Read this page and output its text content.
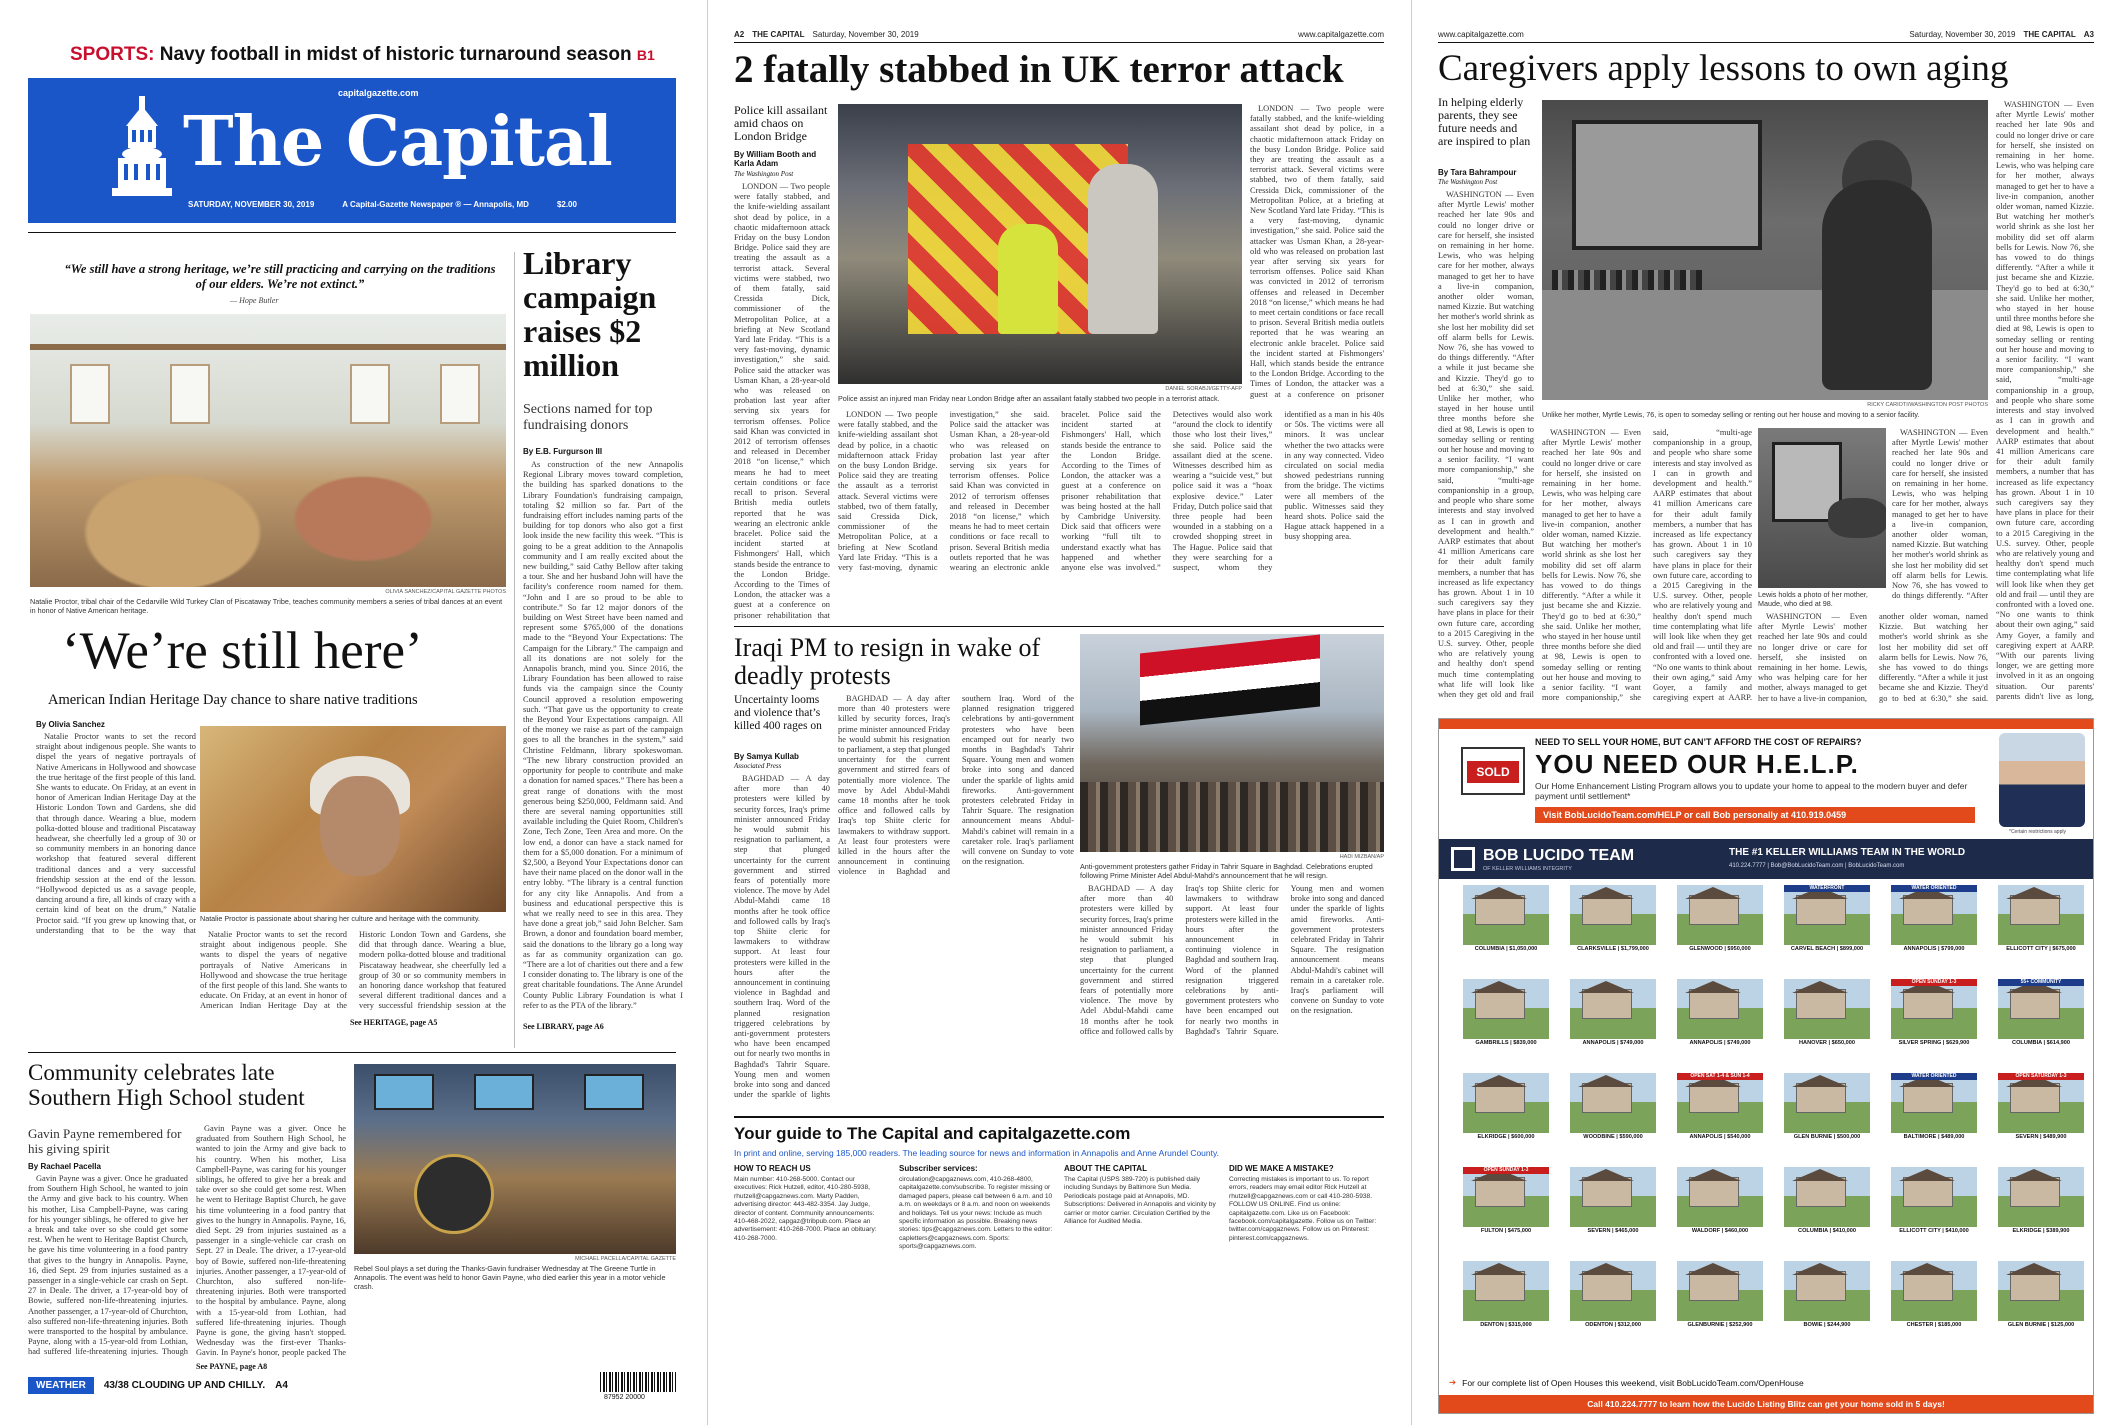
SPORTS: Navy football in midst of historic turnaround season B1
capitalgazette.com
The Capital
SATURDAY, NOVEMBER 30, 2019	A Capital-Gazette Newspaper ® — Annapolis, MD	$2.00
“We still have a strong heritage, we’re still practicing and carrying on the traditions of our elders. We’re not extinct.”
— Hope Butler
OLIVIA SANCHEZ/CAPITAL GAZETTE PHOTOS
Natalie Proctor, tribal chair of the Cedarville Wild Turkey Clan of Piscataway Tribe, teaches community members a series of tribal dances at an event in honor of Native American heritage.
Library campaign raises $2 million
Sections named for top fundraising donors
By E.B. Furgurson III

As construction of the new Annapolis Regional Library moves toward completion, the building has sparked donations to the Library Foundation's fundraising campaign, totaling $2 million so far. Part of the fundraising effort includes naming parts of the building for top donors who also got a first look inside the new facility this week. “This is going to be a great addition to the Annapolis community and I am really excited about the new building,” said Cathy Bellow after taking a tour. She and her husband John will have the facility's conference room named for them. “John and I are so proud to be able to contribute.” So far 12 major donors of the building on West Street have been named and represent some $765,000 of the donations made to the “Beyond Your Expectations: The Campaign for the Library.” The campaign and all its donations are not solely for the Annapolis branch, mind you. Since 2016, the Library Foundation has been allowed to raise funds via the campaign since the County Council approved a resolution empowering such. “That gave us the opportunity to create the Beyond Your Expectations campaign. All of the money we raise as part of the campaign goes to all the branches in the system,” said Christine Feldmann, library spokeswoman. “The new library construction provided an opportunity for people to contribute and make a donation for named spaces.” There has been a great range of donations with the most generous being $250,000, Feldmann said. And there are several naming opportunities still available including the Quiet Room, Children's Zone, Tech Zone, Teen Area and more. On the low end, a donor can have a stack named for them for a $5,000 donation. For a minimum of $2,500, a Beyond Your Expectations donor can have their name placed on the donor wall in the entry lobby. “The library is a central function for any city like Annapolis. And from a business and educational perspective this is what we really need to see in this area. They have done a great job,” said John Belcher. Sam Brown, a donor and foundation board member, said the donations to the library go a long way as far as community organization can go. “There are a lot of charities out there and a few I consider donating to. The library is one of the great charitable foundations. The Anne Arundel County Public Library Foundation is what I refer to as the PTA of the library.”

See LIBRARY, page A6
‘We’re still here’
American Indian Heritage Day chance to share native traditions
By Olivia Sanchez

Natalie Proctor wants to set the record straight about indigenous people. She wants to dispel the years of negative portrayals of Native Americans in Hollywood and showcase the true heritage of the first people of this land. She wants to educate. On Friday, at an event in honor of American Indian Heritage Day at the Historic London Town and Gardens, she did that through dance. Wearing a blue, modern polka-dotted blouse and traditional Piscataway headwear, she cheerfully led a group of 30 or so community members in an honoring dance workshop that featured several different traditional dances and a very successful friendship session at the end of the lesson. “Hollywood depicted us as a savage people, dancing around a fire, all kinds of crazy with a certain kind of beat on the drum,” Natalie Proctor said. “If you grew up knowing that, or understanding that to be the way that

Natalie Proctor is passionate about sharing her culture and heritage with the community.

Natalie Proctor wants to set the record straight about indigenous people. She wants to dispel the years of negative portrayals of Native Americans in Hollywood and showcase the true heritage of the first people of this land. She wants to educate. On Friday, at an event in honor of American Indian Heritage Day at the Historic London Town and Gardens, she did that through dance. Wearing a blue, modern polka-dotted blouse and traditional Piscataway headwear, she cheerfully led a group of 30 or so community members in an honoring dance workshop that featured several different traditional dances and a very successful friendship session at the

See HERITAGE, page A5
Community celebrates late Southern High School student
Gavin Payne remembered for his giving spirit
By Rachael Pacella

Gavin Payne was a giver. Once he graduated from Southern High School, he wanted to join the Army and give back to his country. When his mother, Lisa Campbell-Payne, was caring for his younger siblings, he offered to give her a break and take over so she could get some rest. When he went to Heritage Baptist Church, he gave his time volunteering in a food pantry that gives to the hungry in Annapolis. Payne, 16, died Sept. 29 from injuries sustained as a passenger in a single-vehicle car crash on Sept. 27 in Deale. The driver, a 17-year-old boy of Bowie, suffered non-life-threatening injuries. Another passenger, a 17-year-old of Churchton, also suffered non-life-threatening injuries. Both were transported to the hospital by ambulance. Payne, along with a 15-year-old from Lothian, had suffered life-threatening injuries. Though

Gavin Payne was a giver. Once he graduated from Southern High School, he wanted to join the Army and give back to his country. When his mother, Lisa Campbell-Payne, was caring for his younger siblings, he offered to give her a break and take over so she could get some rest. When he went to Heritage Baptist Church, he gave his time volunteering in a food pantry that gives to the hungry in Annapolis. Payne, 16, died Sept. 29 from injuries sustained as a passenger in a single-vehicle car crash on Sept. 27 in Deale. The driver, a 17-year-old boy of Bowie, suffered non-life-threatening injuries. Another passenger, a 17-year-old of Churchton, also suffered non-life-threatening injuries. Both were transported to the hospital by ambulance. Payne, along with a 15-year-old from Lothian, had suffered life-threatening injuries. Though Payne is gone, the giving hasn't stopped. Wednesday was the first-ever Thanks-Gavin. In Payne's honor, people packed The

See PAYNE, page A8
MICHAEL PACELLA/CAPITAL GAZETTE
Rebel Soul plays a set during the Thanks-Gavin fundraiser Wednesday at The Greene Turtle in Annapolis. The event was held to honor Gavin Payne, who died earlier this year in a motor vehicle crash.
WEATHER	43/38 CLOUDING UP AND CHILLY. A4
87952 20000
A2 THE CAPITAL Saturday, November 30, 2019	www.capitalgazette.com
2 fatally stabbed in UK terror attack
Police kill assailant amid chaos on London Bridge
By William Booth and Karla Adam
The Washington Post

LONDON — Two people were fatally stabbed, and the knife-wielding assailant shot dead by police, in a chaotic midafternoon attack Friday on the busy London Bridge. Police said they are treating the assault as a terrorist attack. Several victims were stabbed, two of them fatally, said Cressida Dick, commissioner of the Metropolitan Police, at a briefing at New Scotland Yard late Friday. “This is a very fast-moving, dynamic investigation,” she said. Police said the attacker was Usman Khan, a 28-year-old who was released on probation last year after serving six years for terrorism offenses. Police said Khan was convicted in 2012 of terrorism offenses and released in December 2018 “on license,” which means he had to meet certain conditions or face recall to prison. Several British media outlets reported that he was wearing an electronic ankle bracelet. Police said the incident started at Fishmongers' Hall, which stands beside the entrance to the London Bridge. According to the Times of London, the attacker was a guest at a conference on prisoner rehabilitation that

DANIEL SORABJI/GETTY-AFP
Police assist an injured man Friday near London Bridge after an assailant fatally stabbed two people in a terrorist attack.

LONDON — Two people were fatally stabbed, and the knife-wielding assailant shot dead by police, in a chaotic midafternoon attack Friday on the busy London Bridge. Police said they are treating the assault as a terrorist attack. Several victims were stabbed, two of them fatally, said Cressida Dick, commissioner of the Metropolitan Police, at a briefing at New Scotland Yard late Friday. “This is a very fast-moving, dynamic investigation,” she said. Police said the attacker was Usman Khan, a 28-year-old who was released on probation last year after serving six years for terrorism offenses. Police said Khan was convicted in 2012 of terrorism offenses and released in December 2018 “on license,” which means he had to meet certain conditions or face recall to prison. Several British media outlets reported that he was wearing an electronic ankle bracelet. Police said the incident started at Fishmongers' Hall, which stands beside the entrance to the London Bridge. According to the Times of London, the attacker was a guest at a conference on prisoner

LONDON — Two people were fatally stabbed, and the knife-wielding assailant shot dead by police, in a chaotic midafternoon attack Friday on the busy London Bridge. Police said they are treating the assault as a terrorist attack. Several victims were stabbed, two of them fatally, said Cressida Dick, commissioner of the Metropolitan Police, at a briefing at New Scotland Yard late Friday. “This is a very fast-moving, dynamic investigation,” she said. Police said the attacker was Usman Khan, a 28-year-old who was released on probation last year after serving six years for terrorism offenses. Police said Khan was convicted in 2012 of terrorism offenses and released in December 2018 “on license,” which means he had to meet certain conditions or face recall to prison. Several British media outlets reported that he was wearing an electronic ankle bracelet. Police said the incident started at Fishmongers' Hall, which stands beside the entrance to the London Bridge. According to the Times of London, the attacker was a guest at a conference on prisoner rehabilitation that was being hosted at the hall by Cambridge University. Dick said that officers were working “full tilt to understand exactly what has happened and whether anyone else was involved.” Detectives would also work “around the clock to identify those who lost their lives,” she said. Police said the assailant died at the scene. Witnesses described him as wearing a “suicide vest,” but police said it was a “hoax explosive device.” Later Friday, Dutch police said that three people had been wounded in a stabbing on a crowded shopping street in The Hague. Police said that they were searching for a suspect, whom they identified as a man in his 40s or 50s. The victims were all minors. It was unclear whether the two attacks were in any way connected. Video circulated on social media showed pedestrians running from the bridge. The victims were all members of the public. Witnesses said they heard shots. Police said the Hague attack happened in a busy shopping area.

Iraqi PM to resign in wake of deadly protests
Uncertainty looms and violence that’s killed 400 rages on
By Samya Kullab
Associated Press

BAGHDAD — A day after more than 40 protesters were killed by security forces, Iraq's prime minister announced Friday he would submit his resignation to parliament, a step that plunged uncertainty for the current government and stirred fears of potentially more violence. The move by Adel Abdul-Mahdi came 18 months after he took office and followed calls by Iraq's top Shiite cleric for lawmakers to withdraw support. At least four protesters were killed in the hours after the announcement in continuing violence in Baghdad and southern Iraq. Word of the planned resignation triggered celebrations by anti-government protesters who have been encamped out for nearly two months in Baghdad's Tahrir Square. Young men and women broke into song and danced under the sparkle of lights

BAGHDAD — A day after more than 40 protesters were killed by security forces, Iraq's prime minister announced Friday he would submit his resignation to parliament, a step that plunged uncertainty for the current government and stirred fears of potentially more violence. The move by Adel Abdul-Mahdi came 18 months after he took office and followed calls by Iraq's top Shiite cleric for lawmakers to withdraw support. At least four protesters were killed in the hours after the announcement in continuing violence in Baghdad and southern Iraq. Word of the planned resignation triggered celebrations by anti-government protesters who have been encamped out for nearly two months in Baghdad's Tahrir Square. Young men and women broke into song and danced under the sparkle of lights amid fireworks. Anti-government protesters celebrated Friday in Tahrir Square. The resignation announcement means Abdul-Mahdi's cabinet will remain in a caretaker role. Iraq's parliament will convene on Sunday to vote on the resignation.

HADI MIZBAN/AP
Anti-government protesters gather Friday in Tahrir Square in Baghdad. Celebrations erupted following Prime Minister Adel Abdul-Mahdi's announcement that he will resign.

BAGHDAD — A day after more than 40 protesters were killed by security forces, Iraq's prime minister announced Friday he would submit his resignation to parliament, a step that plunged uncertainty for the current government and stirred fears of potentially more violence. The move by Adel Abdul-Mahdi came 18 months after he took office and followed calls by Iraq's top Shiite cleric for lawmakers to withdraw support. At least four protesters were killed in the hours after the announcement in continuing violence in Baghdad and southern Iraq. Word of the planned resignation triggered celebrations by anti-government protesters who have been encamped out for nearly two months in Baghdad's Tahrir Square. Young men and women broke into song and danced under the sparkle of lights amid fireworks. Anti-government protesters celebrated Friday in Tahrir Square. The resignation announcement means Abdul-Mahdi's cabinet will remain in a caretaker role. Iraq's parliament will convene on Sunday to vote on the resignation.

Your guide to The Capital and capitalgazette.com
In print and online, serving 185,000 readers. The leading source for news and information in Annapolis and Anne Arundel County.
HOW TO REACH US
Main number: 410-268-5000. Contact our executives: Rick Hutzell, editor, 410-280-5938, rhutzell@capgaznews.com. Marty Padden, advertising director: 443-482-3354. Jay Judge, director of content. Community announcements: 410-468-2022, capgaz@tribpub.com. Place an advertisement: 410-268-7000. Place an obituary: 410-268-7000.
Subscriber services:
circulation@capgaznews.com, 410-268-4800, capitalgazette.com/subscribe. To register missing or damaged papers, please call between 6 a.m. and 10 a.m. on weekdays or 8 a.m. and noon on weekends and holidays. Tell us your news: Include as much specific information as possible. Breaking news stories: tips@capgaznews.com. Letters to the editor: capletters@capgaznews.com. Sports: sports@capgaznews.com.
ABOUT THE CAPITAL
The Capital (USPS 389-720) is published daily including Sundays by Baltimore Sun Media. Periodicals postage paid at Annapolis, MD. Subscriptions: Delivered in Annapolis and vicinity by carrier or motor carrier. Circulation Certified by the Alliance for Audited Media.
DID WE MAKE A MISTAKE?
Correcting mistakes is important to us. To report errors, readers may email editor Rick Hutzell at rhutzell@capgaznews.com or call 410-280-5938. FOLLOW US ONLINE. Find us online: capitalgazette.com. Like us on Facebook: facebook.com/capitalgazette. Follow us on Twitter: twitter.com/capgaznews. Follow us on Pinterest: pinterest.com/capgaznews.
www.capitalgazette.com	Saturday, November 30, 2019 THE CAPITAL A3
Caregivers apply lessons to own aging
In helping elderly parents, they see future needs and are inspired to plan
By Tara Bahrampour
The Washington Post

WASHINGTON — Even after Myrtle Lewis' mother reached her late 90s and could no longer drive or care for herself, she insisted on remaining in her home. Lewis, who was helping care for her mother, always managed to get her to have a live-in companion, another older woman, named Kizzie. But watching her mother's world shrink as she lost her mobility did set off alarm bells for Lewis. Now 76, she has vowed to do things differently. “After a while it just became she and Kizzie. They'd go to bed at 6:30,” she said. Unlike her mother, who stayed in her house until three months before she died at 98, Lewis is open to someday selling or renting out her house and moving to a senior facility. “I want more companionship,” she said, “multi-age companionship in a group, and people who share some interests and stay involved as I can in growth and development and health.” AARP estimates that about 41 million Americans care for their adult family members, a number that has increased as life expectancy has grown. About 1 in 10 such caregivers say they have plans in place for their own future care, according to a 2015 Caregiving in the U.S. survey. Other, people who are relatively young and healthy don't spend much time contemplating what life will look like when they get old and frail

RICKY CARIOTI/WASHINGTON POST PHOTOS
Unlike her mother, Myrtle Lewis, 76, is open to someday selling or renting out her house and moving to a senior facility.

WASHINGTON — Even after Myrtle Lewis' mother reached her late 90s and could no longer drive or care for herself, she insisted on remaining in her home. Lewis, who was helping care for her mother, always managed to get her to have a live-in companion, another older woman, named Kizzie. But watching her mother's world shrink as she lost her mobility did set off alarm bells for Lewis. Now 76, she has vowed to do things differently. “After a while it just became she and Kizzie. They'd go to bed at 6:30,” she said. Unlike her mother, who stayed in her house until three months before she died at 98, Lewis is open to someday selling or renting out her house and moving to a senior facility. “I want more companionship,” she said, “multi-age companionship in a group, and people who share some interests and stay involved as I can in growth and development and health.” AARP estimates that about 41 million Americans care for their adult family members, a number that has increased as life expectancy has grown. About 1 in 10 such caregivers say they have plans in place for their own future care, according to a 2015 Caregiving in the U.S. survey. Other, people who are relatively young and healthy don't spend much time contemplating what life will look like when they get old and frail — until they are confronted with a loved one. “No one wants to think about their own aging,” said Amy Goyer, a family and caregiving expert at AARP.

Lewis holds a photo of her mother, Maude, who died at 98.

WASHINGTON — Even after Myrtle Lewis' mother reached her late 90s and could no longer drive or care for herself, she insisted on remaining in her home. Lewis, who was helping care for her mother, always managed to get her to have a live-in companion, another older woman, named Kizzie. But watching her mother's world shrink as she lost her mobility did set off alarm bells for Lewis. Now 76, she has vowed to do things differently. “After a while it just became she and Kizzie. They'd go to bed at 6:30,” she said.

WASHINGTON — Even after Myrtle Lewis' mother reached her late 90s and could no longer drive or care for herself, she insisted on remaining in her home. Lewis, who was helping care for her mother, always managed to get her to have a live-in companion, another older woman, named Kizzie. But watching her mother's world shrink as she lost her mobility did set off alarm bells for Lewis. Now 76, she has vowed to do things differently. “After

WASHINGTON — Even after Myrtle Lewis' mother reached her late 90s and could no longer drive or care for herself, she insisted on remaining in her home. Lewis, who was helping care for her mother, always managed to get her to have a live-in companion, another older woman, named Kizzie. But watching her mother's world shrink as she lost her mobility did set off alarm bells for Lewis. Now 76, she has vowed to do things differently. “After a while it just became she and Kizzie. They'd go to bed at 6:30,” she said. Unlike her mother, who stayed in her house until three months before she died at 98, Lewis is open to someday selling or renting out her house and moving to a senior facility. “I want more companionship,” she said, “multi-age companionship in a group, and people who share some interests and stay involved as I can in growth and development and health.” AARP estimates that about 41 million Americans care for their adult family members, a number that has increased as life expectancy has grown. About 1 in 10 such caregivers say they have plans in place for their own future care, according to a 2015 Caregiving in the U.S. survey. Other, people who are relatively young and healthy don't spend much time contemplating what life will look like when they get old and frail — until they are confronted with a loved one. “No one wants to think about their own aging,” said Amy Goyer, a family and caregiving expert at AARP. “With our parents living longer, we are getting more involved in it as an ongoing situation. Our parents' parents didn't live as long,

SOLD
NEED TO SELL YOUR HOME, BUT CAN’T AFFORD THE COST OF REPAIRS?
YOU NEED OUR H.E.L.P.
Our Home Enhancement Listing Program allows you to update your home to appeal to the modern buyer and defer payment until settlement*
Visit BobLucidoTeam.com/HELP or call Bob personally at 410.919.0459
*Certain restrictions apply
BOB LUCIDO TEAM
OF KELLER WILLIAMS INTEGRITY
THE #1 KELLER WILLIAMS TEAM IN THE WORLD
410.224.7777 | Bob@BobLucidoTeam.com | BobLucidoTeam.com
COLUMBIA | $1,050,000	CLARKSVILLE | $1,799,000	GLENWOOD | $950,000
WATERFRONT
CARVEL BEACH | $899,000
WATER ORIENTED
ANNAPOLIS | $799,000	ELLICOTT CITY | $675,000
GAMBRILLS | $839,000	ANNAPOLIS | $749,000	ANNAPOLIS | $749,000	HANOVER | $650,000
OPEN SUNDAY 1-3
SILVER SPRING | $629,900
55+ COMMUNITY
COLUMBIA | $614,900
ELKRIDGE | $600,000	WOODBINE | $590,000
OPEN SAT 1-4 & SUN 1-4
ANNAPOLIS | $540,000	GLEN BURNIE | $500,000
WATER ORIENTED
BALTIMORE | $489,000
OPEN SATURDAY 1-3
SEVERN | $489,900
OPEN SUNDAY 1-3
FULTON | $475,000	SEVERN | $465,000	WALDORF | $460,000	COLUMBIA | $410,000	ELLICOTT CITY | $410,000	ELKRIDGE | $389,900
DENTON | $315,000	ODENTON | $312,000	GLENBURNIE | $252,900	BOWIE | $244,900	CHESTER | $185,000	GLEN BURNIE | $125,000
➔ For our complete list of Open Houses this weekend, visit BobLucidoTeam.com/OpenHouse
Call 410.224.7777 to learn how the Lucido Listing Blitz can get your home sold in 5 days!
